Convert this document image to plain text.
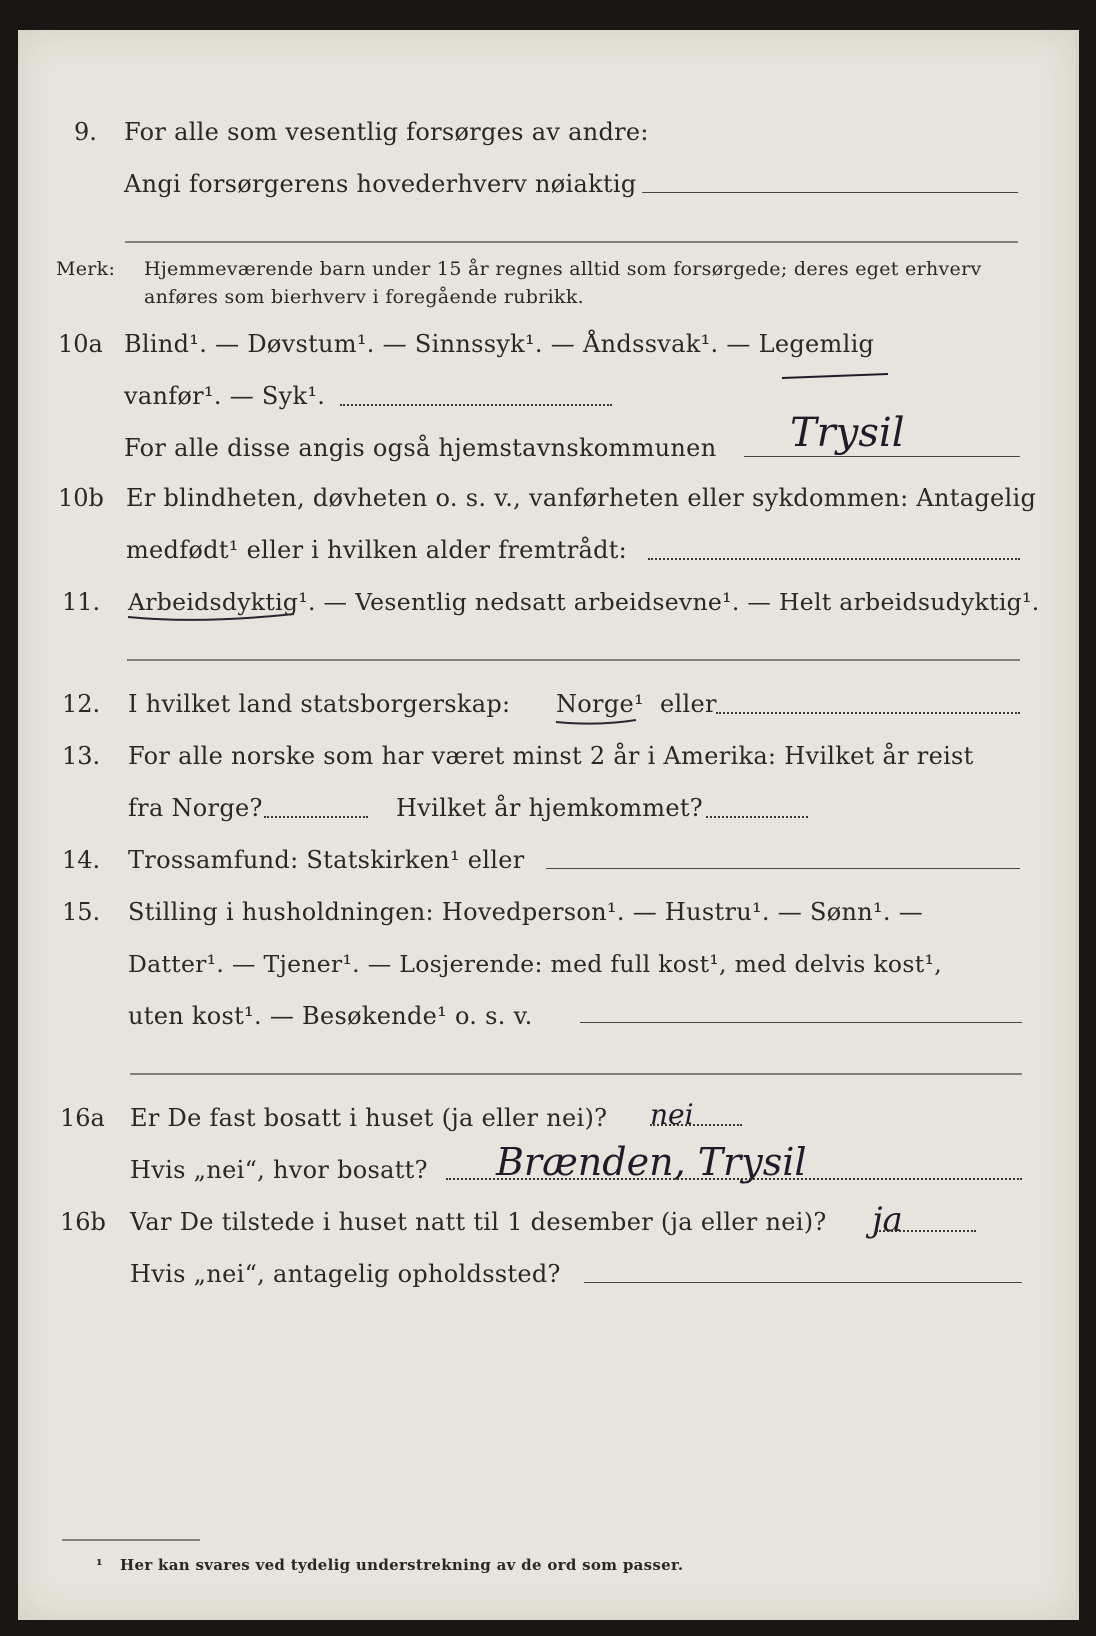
9. For alle som vesentlig forsørges av andre:
Angi forsørgerens hovederhverv nøiaktig
Merk: Hjemmeværende barn under 15 år regnes alltid som forsørgede; deres eget erhverv
anføres som bierhverv i foregående rubrikk.
10a Blind¹. — Døvstum¹. — Sinnssyk¹. — Åndssvak¹. — Legemlig
vanfør¹. — Syk¹.
For alle disse angis også hjemstavnskommunen Trysil
10b Er blindheten, døvheten o. s. v., vanførheten eller sykdommen: Antagelig
medfødt¹ eller i hvilken alder fremtrådt:
11. Arbeidsdyktig¹. — Vesentlig nedsatt arbeidsevne¹. — Helt arbeidsudyktig¹.
12. I hvilket land statsborgerskap: Norge¹ eller
13. For alle norske som har været minst 2 år i Amerika: Hvilket år reist
fra Norge?	Hvilket år hjemkommet?
14. Trossamfund: Statskirken¹ eller
15. Stilling i husholdningen: Hovedperson¹. — Hustru¹. — Sønn¹. —
Datter¹. — Tjener¹. — Losjerende: med full kost¹, med delvis kost¹,
uten kost¹. — Besøkende¹ o. s. v.
16a Er De fast bosatt i huset (ja eller nei)? nei
Hvis „nei“, hvor bosatt? Brænden, Trysil
16b Var De tilstede i huset natt til 1 desember (ja eller nei)? ja
Hvis „nei“, antagelig opholdssted?
¹ Her kan svares ved tydelig understrekning av de ord som passer.
